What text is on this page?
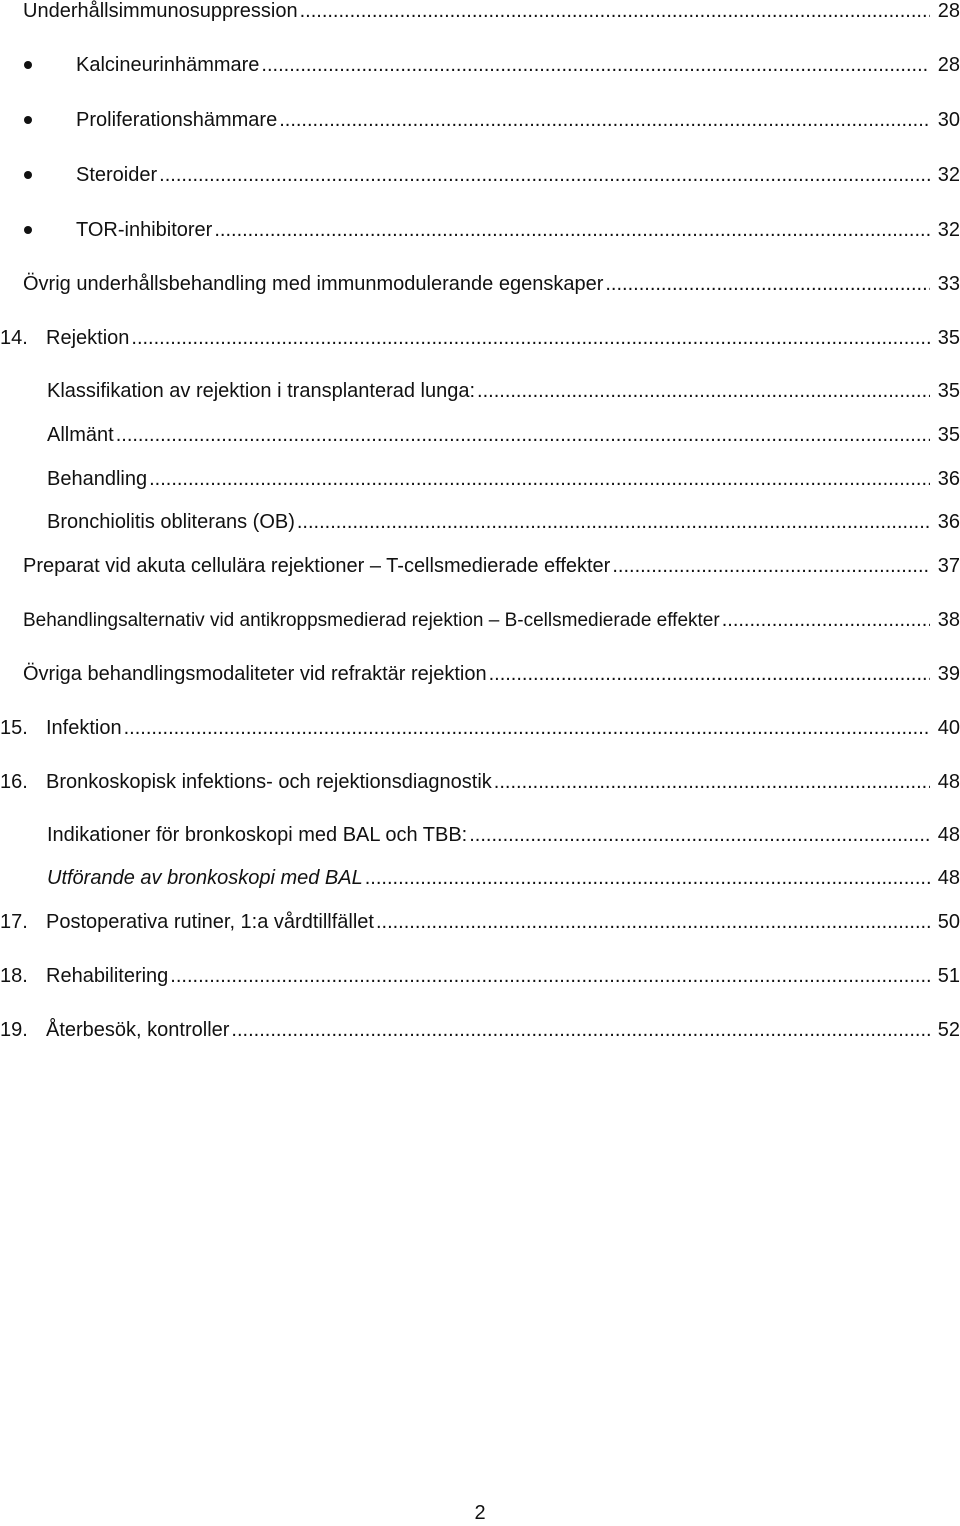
Underhållsimmunosuppression .....	28
Kalcineurinhämmare .....	28
Proliferationshämmare .....	30
Steroider .....	32
TOR-inhibitorer .....	32
Övrig underhållsbehandling med immunmodulerande egenskaper .....	33
14. Rejektion .....	35
Klassifikation av rejektion i transplanterad lunga: .....	35
Allmänt .....	35
Behandling .....	36
Bronchiolitis obliterans (OB) .....	36
Preparat vid akuta cellulära rejektioner – T-cellsmedierade effekter .....	37
Behandlingsalternativ vid antikroppsmedierad rejektion – B-cellsmedierade effekter .....	38
Övriga behandlingsmodaliteter vid refraktär rejektion .....	39
15. Infektion .....	40
16. Bronkoskopisk infektions- och rejektionsdiagnostik .....	48
Indikationer för bronkoskopi med BAL och TBB: .....	48
Utförande av bronkoskopi med BAL .....	48
17. Postoperativa rutiner, 1:a vårdtillfället .....	50
18. Rehabilitering .....	51
19. Återbesök, kontroller .....	52
2
